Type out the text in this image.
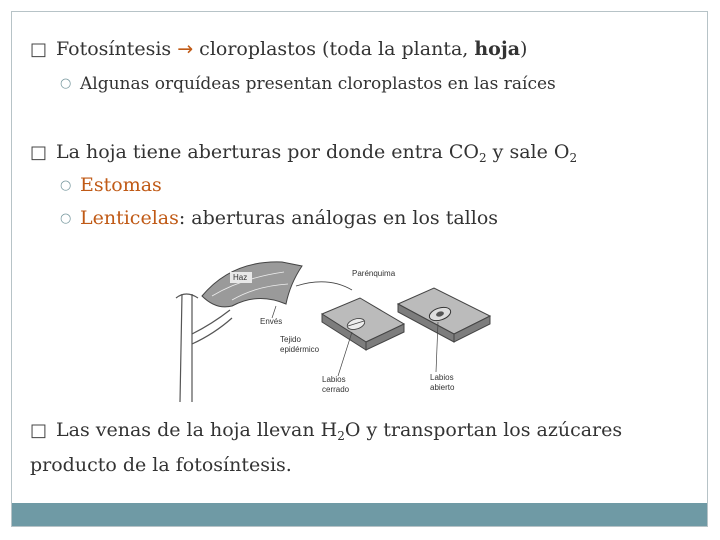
□ Fotosíntesis → cloroplastos (toda la planta, hoja)
○ Algunas orquídeas presentan cloroplastos en las raíces
□ La hoja tiene aberturas por donde entra $CO_2$ y sale $O_2$
○ Estomas
○ Lenticelas: aberturas análogas en los tallos
Haz
Envés
Parénquima
Tejido
epidérmico
Labios
cerrado
Labios
abierto
□ Las venas de la hoja llevan $H_2O$ y transportan los azúcares producto de la fotosíntesis.
